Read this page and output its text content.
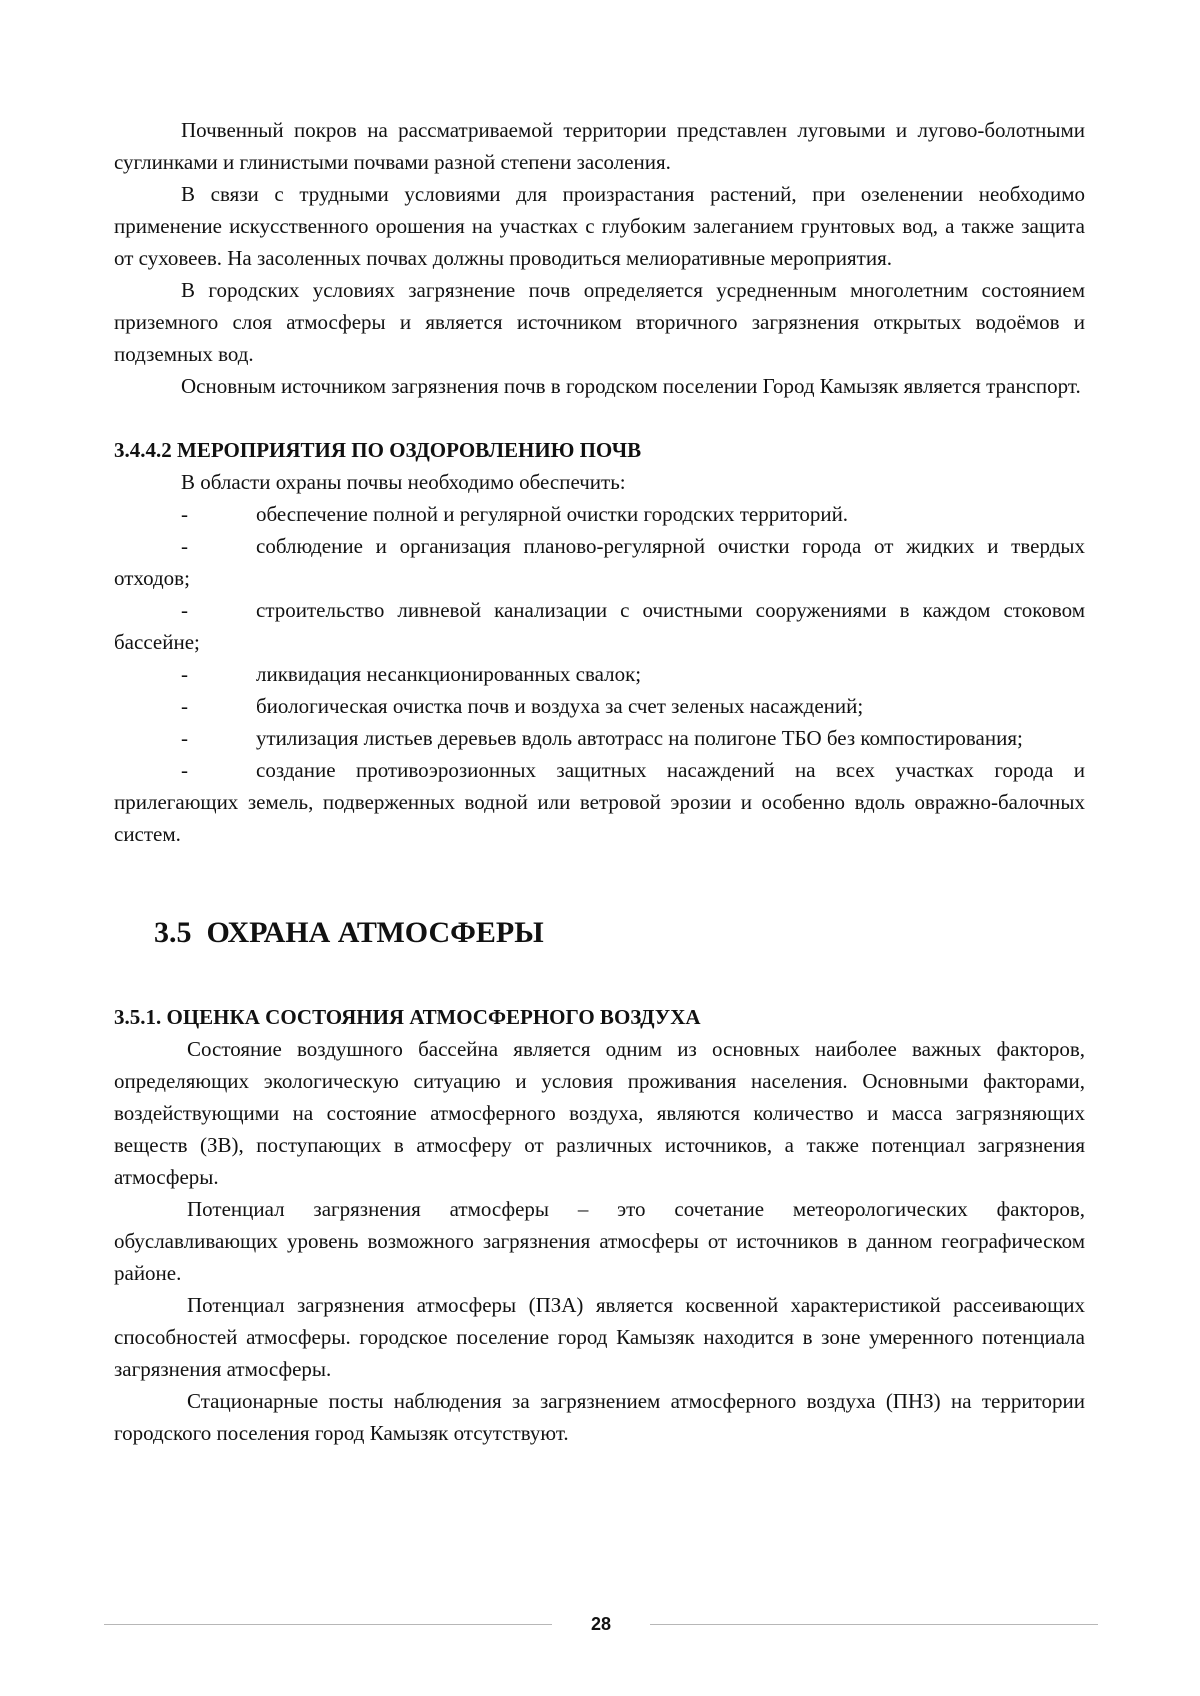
Почвенный покров на рассматриваемой территории представлен луговыми и лугово-болотными суглинками и глинистыми почвами разной степени засоления.

В связи с трудными условиями для произрастания растений, при озеленении необходимо применение искусственного орошения на участках с глубоким залеганием грунтовых вод, а также защита от суховеев. На засоленных почвах должны проводиться мелиоративные мероприятия.

В городских условиях загрязнение почв определяется усредненным многолетним состоянием приземного слоя атмосферы и является источником вторичного загрязнения открытых водоёмов и подземных вод.

Основным источником загрязнения почв в городском поселении Город Камызяк является транспорт.

3.4.4.2 МЕРОПРИЯТИЯ ПО ОЗДОРОВЛЕНИЮ ПОЧВ

В области охраны почвы необходимо обеспечить:

-	обеспечение полной и регулярной очистки городских территорий.
-	соблюдение и организация планово-регулярной очистки города от жидких и твердых отходов;
-	строительство ливневой канализации с очистными сооружениями в каждом стоковом бассейне;
-	ликвидация несанкционированных свалок;
-	биологическая очистка почв и воздуха за счет зеленых насаждений;
-	утилизация листьев деревьев вдоль автотрасс на полигоне ТБО без компостирования;
-	создание противоэрозионных защитных насаждений на всех участках города и прилегающих земель, подверженных водной или ветровой эрозии и особенно вдоль овражно-балочных систем.
3.5  ОХРАНА АТМОСФЕРЫ
3.5.1. ОЦЕНКА СОСТОЯНИЯ АТМОСФЕРНОГО ВОЗДУХА

Состояние воздушного бассейна является одним из основных наиболее важных факторов, определяющих экологическую ситуацию и условия проживания населения. Основными факторами, воздействующими на состояние атмосферного воздуха, являются количество и масса загрязняющих веществ (ЗВ), поступающих в атмосферу от различных источников, а также потенциал загрязнения атмосферы.

Потенциал загрязнения атмосферы – это сочетание метеорологических факторов, обуславливающих уровень возможного загрязнения атмосферы от источников в данном географическом районе.

Потенциал загрязнения атмосферы (ПЗА) является косвенной характеристикой рассеивающих способностей атмосферы. городское поселение город Камызяк находится в зоне умеренного потенциала загрязнения атмосферы.

Стационарные посты наблюдения за загрязнением атмосферного воздуха (ПНЗ) на территории городского поселения город Камызяк отсутствуют.

28
